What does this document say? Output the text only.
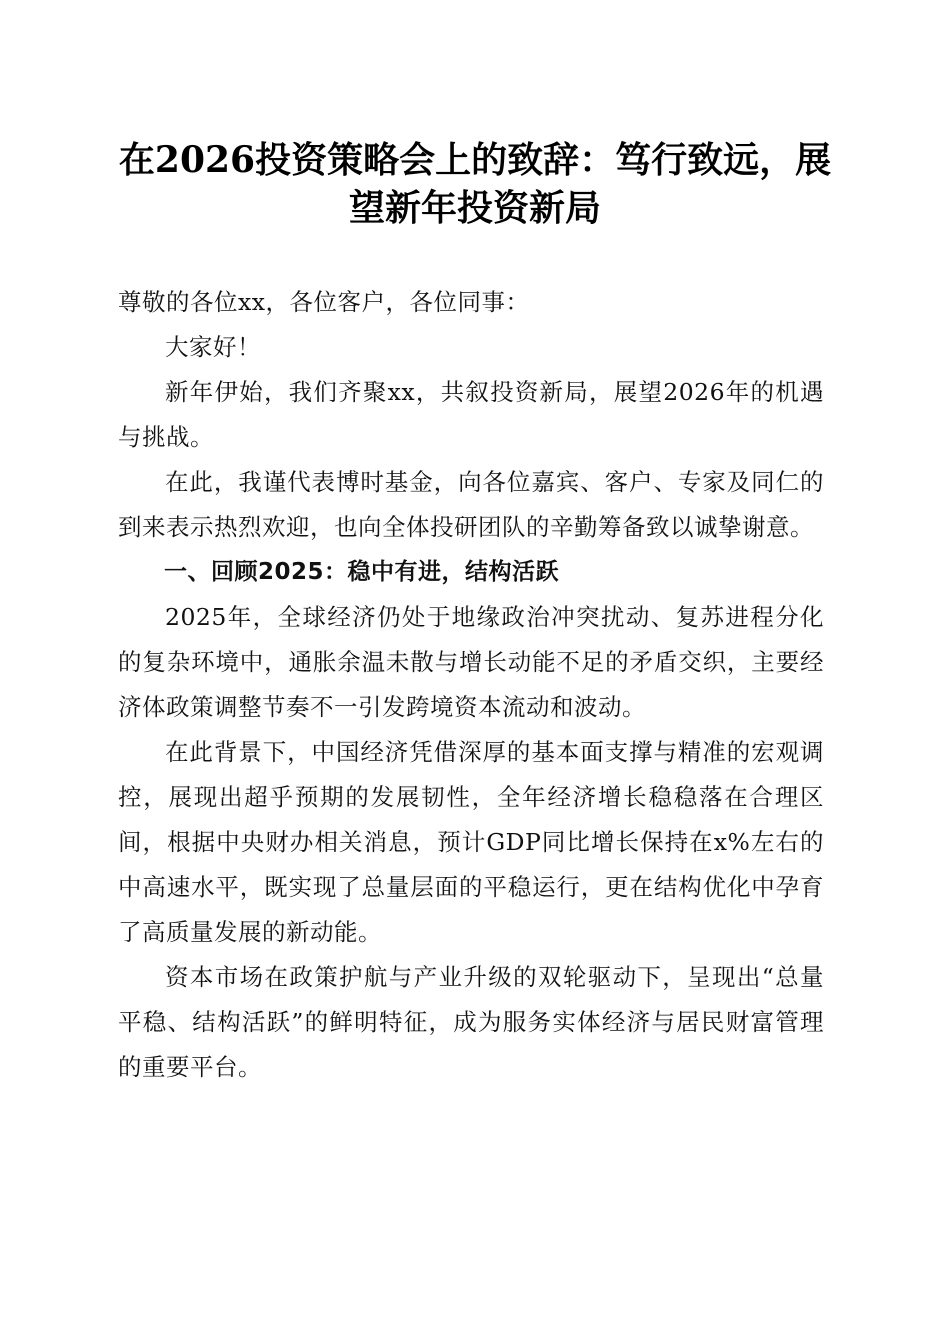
在2026投资策略会上的致辞：笃行致远，展
望新年投资新局

尊敬的各位xx，各位客户，各位同事：

大家好！

新年伊始，我们齐聚xx，共叙投资新局，展望2026年的机遇与挑战。

在此，我谨代表博时基金，向各位嘉宾、客户、专家及同仁的到来表示热烈欢迎，也向全体投研团队的辛勤筹备致以诚挚谢意。

一、回顾2025：稳中有进，结构活跃

2025年，全球经济仍处于地缘政治冲突扰动、复苏进程分化的复杂环境中，通胀余温未散与增长动能不足的矛盾交织，主要经济体政策调整节奏不一引发跨境资本流动和波动。

在此背景下，中国经济凭借深厚的基本面支撑与精准的宏观调控，展现出超乎预期的发展韧性，全年经济增长稳稳落在合理区间，根据中央财办相关消息，预计GDP同比增长保持在x%左右的中高速水平，既实现了总量层面的平稳运行，更在结构优化中孕育了高质量发展的新动能。

资本市场在政策护航与产业升级的双轮驱动下，呈现出“总量平稳、结构活跃”的鲜明特征，成为服务实体经济与居民财富管理的重要平台。
